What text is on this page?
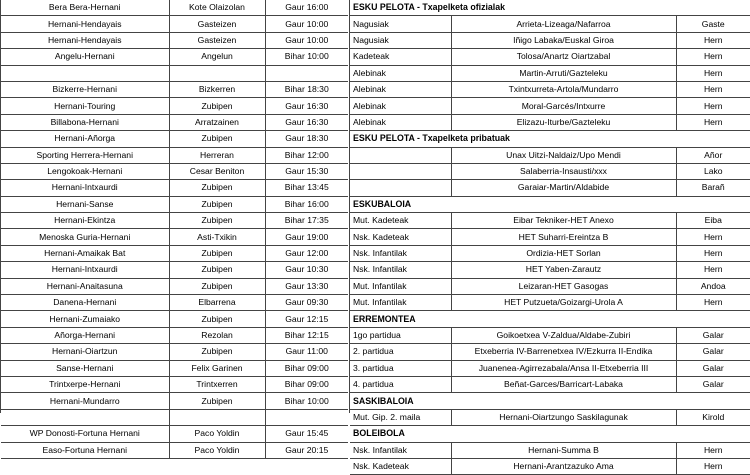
Bera Bera-Hernani	Kote Olaizolan	Gaur 16:00
Hernani-Hendayais	Gasteizen	Gaur 10:00
Hernani-Hendayais	Gasteizen	Gaur 10:00
Angelu-Hernani	Angelun	Bihar 10:00

Bizkerre-Hernani	Bizkerren	Bihar 18:30
Hernani-Touring	Zubipen	Gaur 16:30
Billabona-Hernani	Arratzainen	Gaur 16:30
Hernani-Añorga	Zubipen	Gaur 18:30
Sporting Herrera-Hernani	Herreran	Bihar 12:00
Lengokoak-Hernani	Cesar Beniton	Gaur 15:30
Hernani-Intxaurdi	Zubipen	Bihar 13:45
Hernani-Sanse	Zubipen	Bihar 16:00
Hernani-Ekintza	Zubipen	Bihar 17:35
Menoska Guria-Hernani	Asti-Txikin	Gaur 19:00
Hernani-Amaikak Bat	Zubipen	Gaur 12:00
Hernani-Intxaurdi	Zubipen	Gaur 10:30
Hernani-Anaitasuna	Zubipen	Gaur 13:30
Danena-Hernani	Elbarrena	Gaur 09:30
Hernani-Zumaiako	Zubipen	Gaur 12:15
Añorga-Hernani	Rezolan	Bihar 12:15
Hernani-Oiartzun	Zubipen	Gaur 11:00
Sanse-Hernani	Felix Garinen	Bihar 09:00
Trintxerpe-Hernani	Trintxerren	Bihar 09:00
Hernani-Mundarro	Zubipen	Bihar 10:00

WP Donosti-Fortuna Hernani	Paco Yoldin	Gaur 15:45
Easo-Fortuna Hernani	Paco Yoldin	Gaur 20:15
ESKU PELOTA - Txapelketa ofizialak		
Nagusiak	Arrieta-Lizeaga/Nafarroa	Gaste
Nagusiak	Iñigo Labaka/Euskal Giroa	Hern
Kadeteak	Tolosa/Anartz Oiartzabal	Hern
Alebinak	Martin-Arruti/Gazteleku	Hern
Alebinak	Txintxurreta-Artola/Mundarro	Hern
Alebinak	Moral-Garcés/Intxurre	Hern
Alebinak	Elizazu-Iturbe/Gazteleku	Hern
ESKU PELOTA - Txapelketa pribatuak		
	Unax Uitzi-Naldaiz/Upo Mendi	Añor
	Salaberria-Insausti/xxx	Lako
	Garaiar-Martin/Aldabide	Barañ
ESKUBALOIA		
Mut. Kadeteak	Eibar Tekniker-HET Anexo	Eiba
Nsk. Kadeteak	HET Suharri-Ereintza B	Hern
Nsk. Infantilak	Ordizia-HET Sorlan	Hern
Nsk. Infantilak	HET Yaben-Zarautz	Hern
Mut. Infantilak	Leizaran-HET Gasogas	Andoa
Mut. Infantilak	HET Putzueta/Goizargi-Urola A	Hern
ERREMONTEA		
1go partidua	Goikoetxea V-Zaldua/Aldabe-Zubiri	Galar
2. partidua	Etxeberria IV-Barrenetxea IV/Ezkurra II-Endika	Galar
3. partidua	Juanenea-Agirrezabala/Ansa II-Etxeberria III	Galar
4. partidua	Beñat-Garces/Barricart-Labaka	Galar
SASKIBALOIA		
Mut. Gip. 2. maila	Hernani-Oiartzungo Saskilagunak	Kirold
BOLEIBOLA		
Nsk. Infantilak	Hernani-Summa B	Hern
Nsk. Kadeteak	Hernani-Arantzazuko Ama	Hern
